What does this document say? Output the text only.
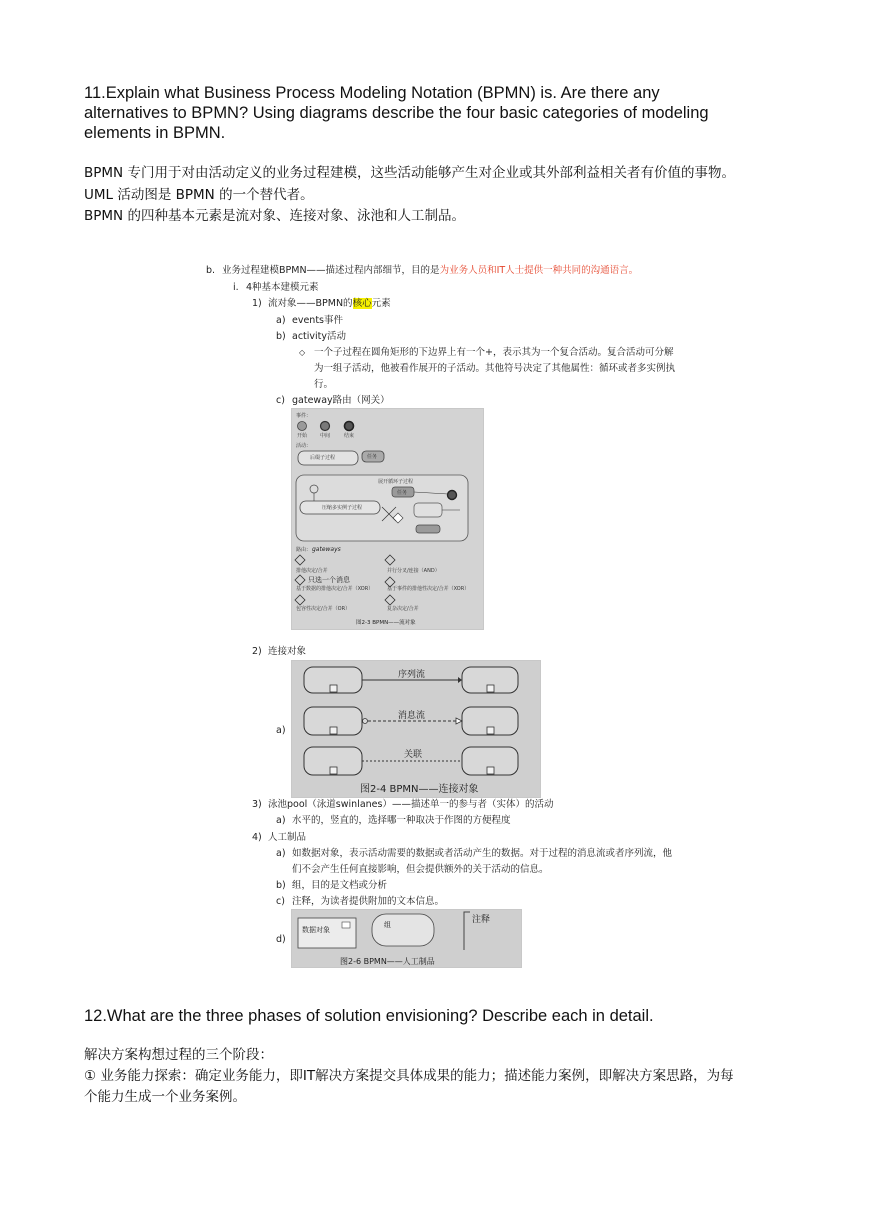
11.Explain what Business Process Modeling Notation (BPMN) is. Are there any
alternatives to BPMN? Using diagrams describe the four basic categories of modeling
elements in BPMN.
BPMN 专门用于对由活动定义的业务过程建模，这些活动能够产生对企业或其外部利益相关者有价值的事物。
UML 活动图是 BPMN 的一个替代者。
BPMN 的四种基本元素是流对象、连接对象、泳池和人工制品。
b. 业务过程建模BPMN——描述过程内部细节，目的是为业务人员和IT人士提供一种共同的沟通语言。
i. 4种基本建模元素
1) 流对象——BPMN的核心元素
a) events事件
b) activity活动
◇ 一个子过程在圆角矩形的下边界上有一个+，表示其为一个复合活动。复合活动可分解
为一组子活动，他被看作展开的子活动。其他符号决定了其他属性：循环或者多实例执
行。
c) gateway路由（网关）
事件：
开始	中间	结束
活动：
后缀子过程	任务
展开循环子过程
任务
压缩多实例子过程
路由： gateways
排他决定/合并	并行分叉/连接（AND）
只选一个消息
基于数据的排他决定/合并（XOR）	基于事件的排他性决定/合并（XOR）
包容性决定/合并（OR）	复杂决定/合并
图2-3 BPMN——流对象
2) 连接对象
a)
序列流
消息流
关联
图2-4 BPMN——连接对象
3) 泳池pool（泳道swinlanes）——描述单一的参与者（实体）的活动
a) 水平的，竖直的，选择哪一种取决于作图的方便程度
4) 人工制品
a) 如数据对象，表示活动需要的数据或者活动产生的数据。对于过程的消息流或者序列流，他
们不会产生任何直接影响，但会提供额外的关于活动的信息。
b) 组，目的是文档或分析
c) 注释，为读者提供附加的文本信息。
d)
数据对象
组	注释
图2-6 BPMN——人工制品
12.What are the three phases of solution envisioning? Describe each in detail.
解决方案构想过程的三个阶段：
① 业务能力探索：确定业务能力，即IT解决方案提交具体成果的能力；描述能力案例，即解决方案思路，为每
个能力生成一个业务案例。
